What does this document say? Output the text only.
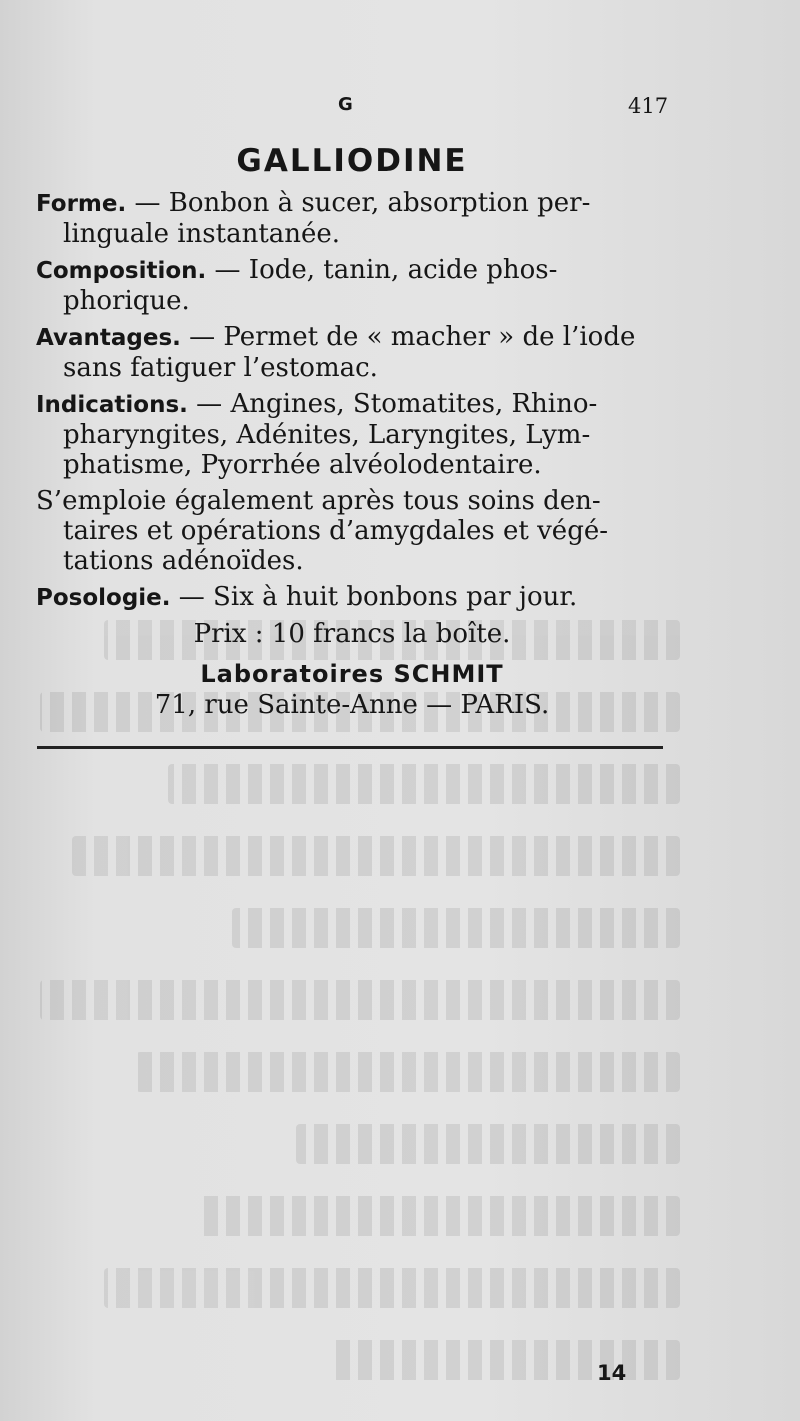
G	417
GALLIODINE
Forme. — Bonbon à sucer, absorption per-
linguale instantanée.
Composition. — Iode, tanin, acide phos-
phorique.
Avantages. — Permet de « macher » de l’iode
sans fatiguer l’estomac.
Indications. — Angines, Stomatites, Rhino-
pharyngites, Adénites, Laryngites, Lym-
phatisme, Pyorrhée alvéolodentaire.
S’emploie également après tous soins den-
taires et opérations d’amygdales et végé-
tations adénoïdes.
Posologie. — Six à huit bonbons par jour.
Prix : 10 francs la boîte.
Laboratoires SCHMIT
71, rue Sainte-Anne — PARIS.
14
